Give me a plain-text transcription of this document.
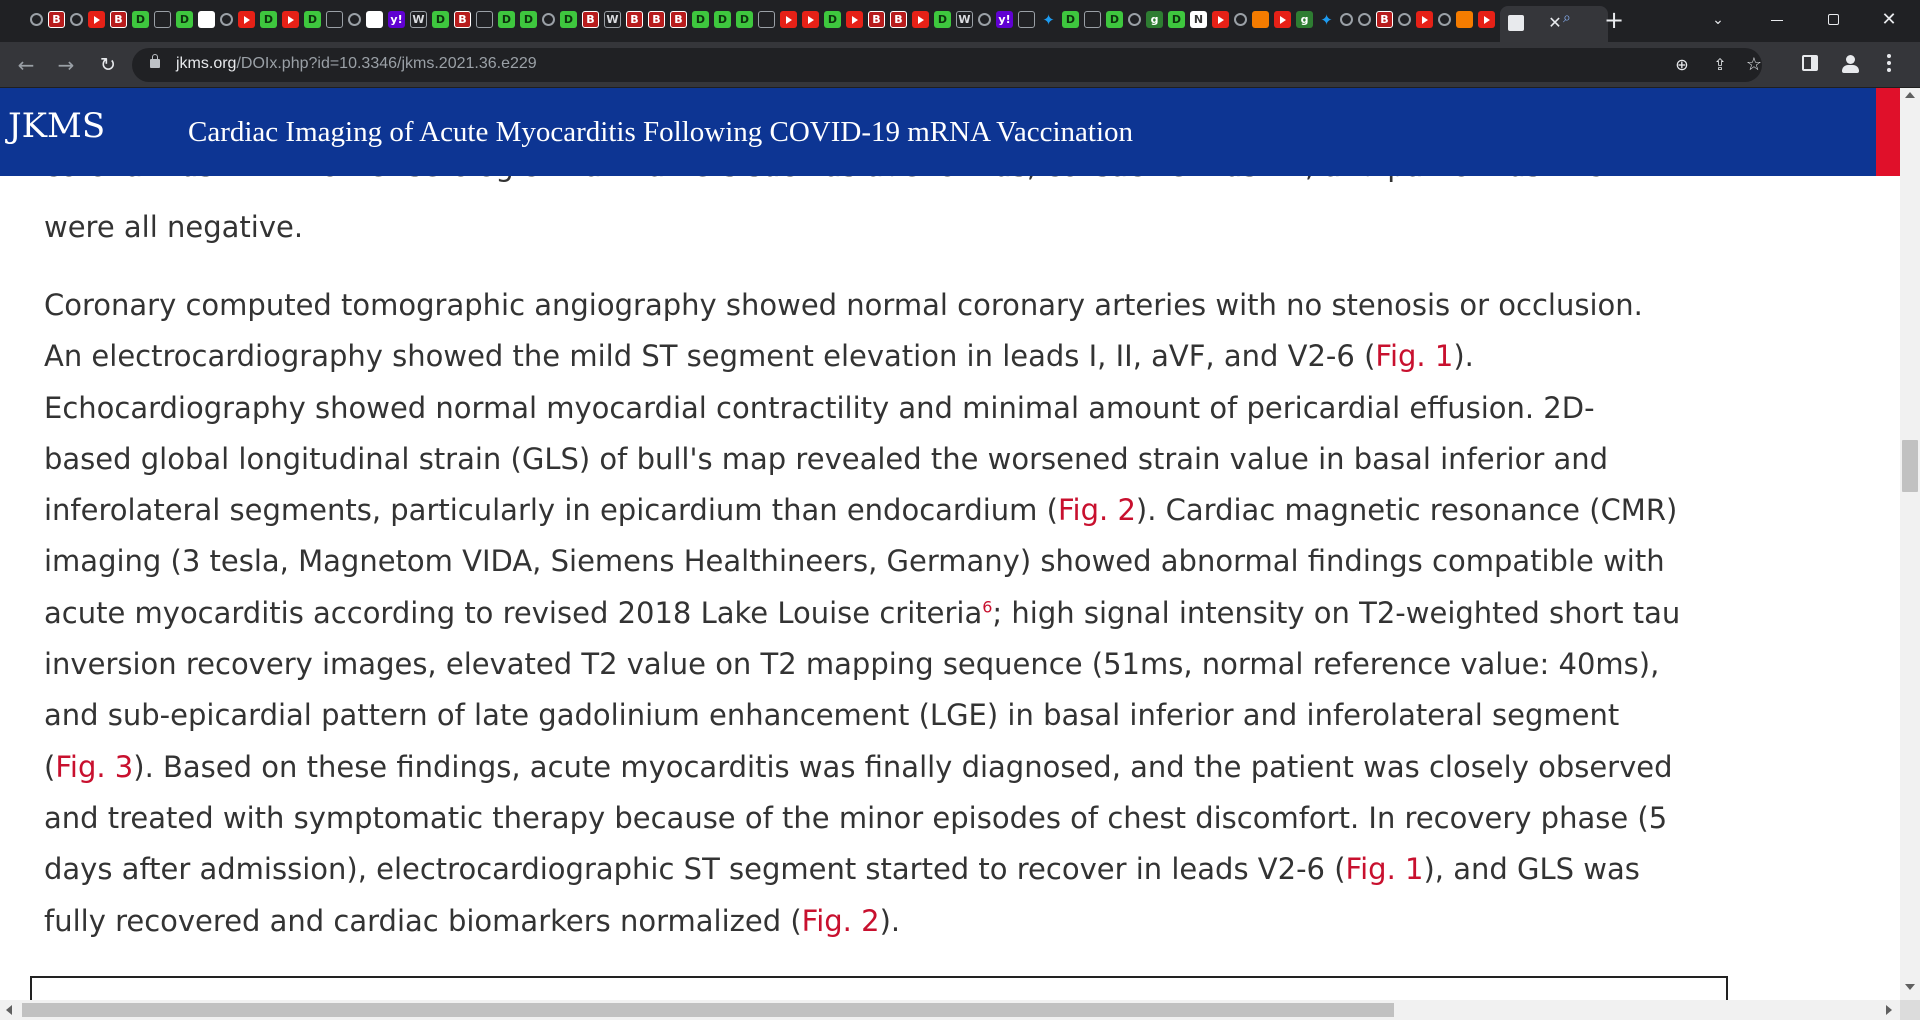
B	B	D	D	D	D	y! W	D	B	D	D	D	B	W	B	B	B	D	D	D	D	B	B	D	W	y! ✦	D	D	g	D	N	g ✦	B	✕ ⌕ +	⌄	✕
← →	↻	jkms.org/DOIx.php?id=10.3346/jkms.2021.36.e229	⊕	⇪ ☆

were all negative.

Coronary computed tomographic angiography showed normal coronary arteries with no stenosis or occlusion.
An electrocardiography showed the mild ST segment elevation in leads I, II, aVF, and V2-6 (Fig. 1).
Echocardiography showed normal myocardial contractility and minimal amount of pericardial effusion. 2D-
based global longitudinal strain (GLS) of bull's map revealed the worsened strain value in basal inferior and
inferolateral segments, particularly in epicardium than endocardium (Fig. 2). Cardiac magnetic resonance (CMR)
imaging (3 tesla, Magnetom VIDA, Siemens Healthineers, Germany) showed abnormal findings compatible with
acute myocarditis according to revised 2018 Lake Louise criteria$^6$; high signal intensity on T2-weighted short tau
inversion recovery images, elevated T2 value on T2 mapping sequence (51ms, normal reference value: 40ms),
and sub-epicardial pattern of late gadolinium enhancement (LGE) in basal inferior and inferolateral segment
(Fig. 3). Based on these findings, acute myocarditis was finally diagnosed, and the patient was closely observed
and treated with symptomatic therapy because of the minor episodes of chest discomfort. In recovery phase (5
days after admission), electrocardiographic ST segment started to recover in leads V2-6 (Fig. 1), and GLS was
fully recovered and cardiac biomarkers normalized (Fig. 2).

JKMS	Cardiac Imaging of Acute Myocarditis Following COVID-19 mRNA Vaccination
